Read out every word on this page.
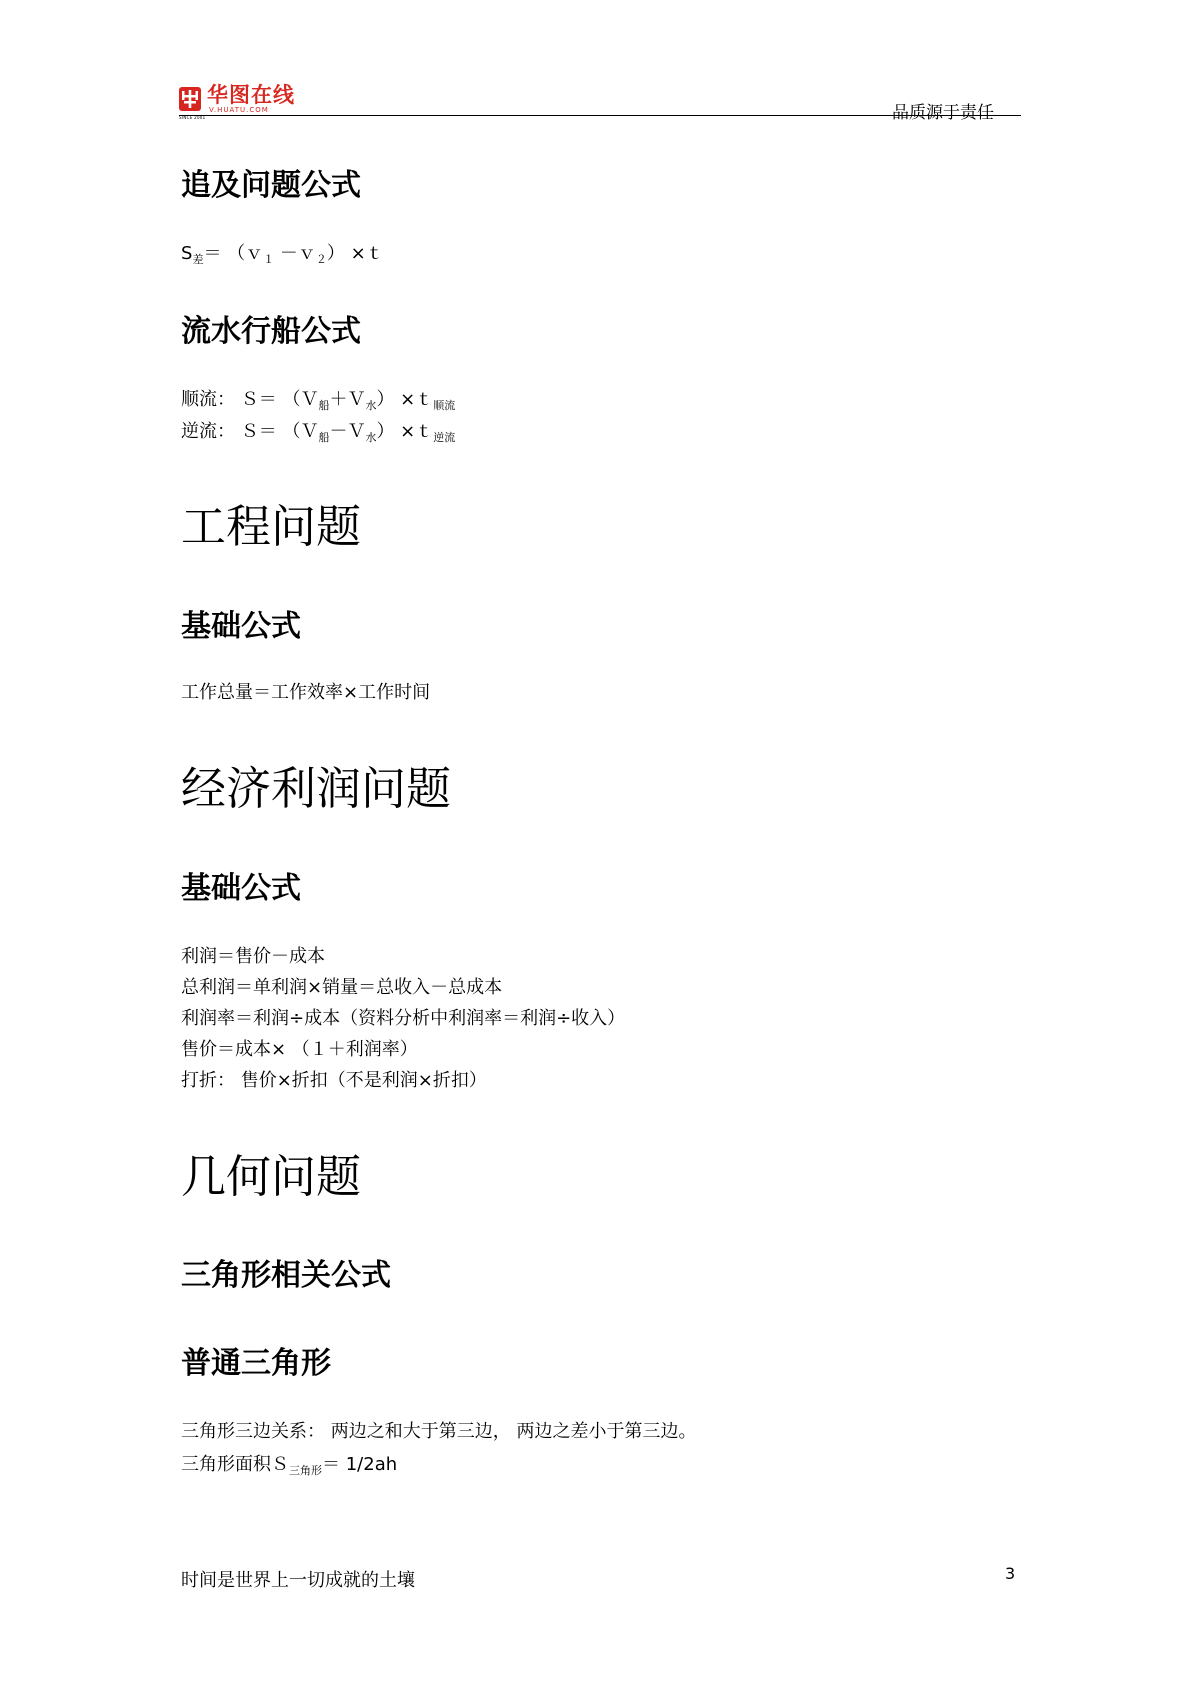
SINCE 2001
华图在线
V.HUATU.COM	品质源于责任
追及问题公式
$S_差=$ （ｖ$_1$ －ｖ$_2$） ×ｔ
流水行船公式
顺流： Ｓ＝ （Ｖ$_船$＋Ｖ$_水$） ×ｔ$_{顺流}$
逆流： Ｓ＝ （Ｖ$_船$－Ｖ$_水$） ×ｔ$_{逆流}$
工程问题
基础公式
工作总量＝工作效率×工作时间
经济利润问题
基础公式
利润＝售价－成本
总利润＝单利润×销量＝总收入－总成本
利润率＝利润÷成本（资料分析中利润率＝利润÷收入）
售价＝成本× （１＋利润率）
打折： 售价×折扣（不是利润×折扣）
几何问题
三角形相关公式
普通三角形
三角形三边关系： 两边之和大于第三边， 两边之差小于第三边。
三角形面积Ｓ$_{三角形}$＝ 1/2ah
时间是世界上一切成就的土壤	3
